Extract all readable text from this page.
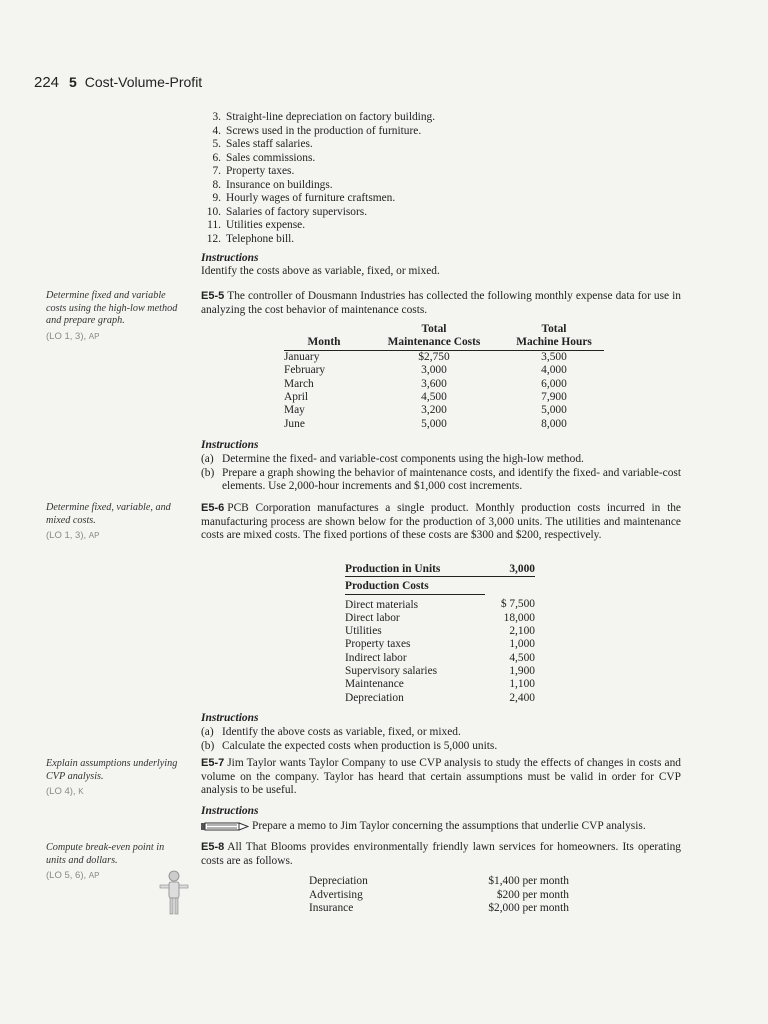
224 5 Cost-Volume-Profit
3. Straight-line depreciation on factory building.
4. Screws used in the production of furniture.
5. Sales staff salaries.
6. Sales commissions.
7. Property taxes.
8. Insurance on buildings.
9. Hourly wages of furniture craftsmen.
10. Salaries of factory supervisors.
11. Utilities expense.
12. Telephone bill.
Instructions
Identify the costs above as variable, fixed, or mixed.
Determine fixed and variable costs using the high-low method and prepare graph.
(LO 1, 3), AP
E5-5 The controller of Dousmann Industries has collected the following monthly expense data for use in analyzing the cost behavior of maintenance costs.
	Total	Total
Month	Maintenance Costs	Machine Hours
January	$2,750	3,500
February	3,000	4,000
March	3,600	6,000
April	4,500	7,900
May	3,200	5,000
June	5,000	8,000
Instructions
(a) Determine the fixed- and variable-cost components using the high-low method.
(b) Prepare a graph showing the behavior of maintenance costs, and identify the fixed- and variable-cost elements. Use 2,000-hour increments and $1,000 cost increments.
Determine fixed, variable, and mixed costs.
(LO 1, 3), AP
E5-6 PCB Corporation manufactures a single product. Monthly production costs incurred in the manufacturing process are shown below for the production of 3,000 units. The utilities and maintenance costs are mixed costs. The fixed portions of these costs are $300 and $200, respectively.
Production in Units	3,000
Production Costs	
Direct materials	$ 7,500
Direct labor	18,000
Utilities	2,100
Property taxes	1,000
Indirect labor	4,500
Supervisory salaries	1,900
Maintenance	1,100
Depreciation	2,400
Instructions
(a) Identify the above costs as variable, fixed, or mixed.
(b) Calculate the expected costs when production is 5,000 units.
Explain assumptions underlying CVP analysis.
(LO 4), K
E5-7 Jim Taylor wants Taylor Company to use CVP analysis to study the effects of changes in costs and volume on the company. Taylor has heard that certain assumptions must be valid in order for CVP analysis to be useful.
Instructions
Prepare a memo to Jim Taylor concerning the assumptions that underlie CVP analysis.
Compute break-even point in units and dollars.
(LO 5, 6), AP
E5-8 All That Blooms provides environmentally friendly lawn services for homeowners. Its operating costs are as follows.
Depreciation	$1,400 per month
Advertising	$200 per month
Insurance	$2,000 per month
